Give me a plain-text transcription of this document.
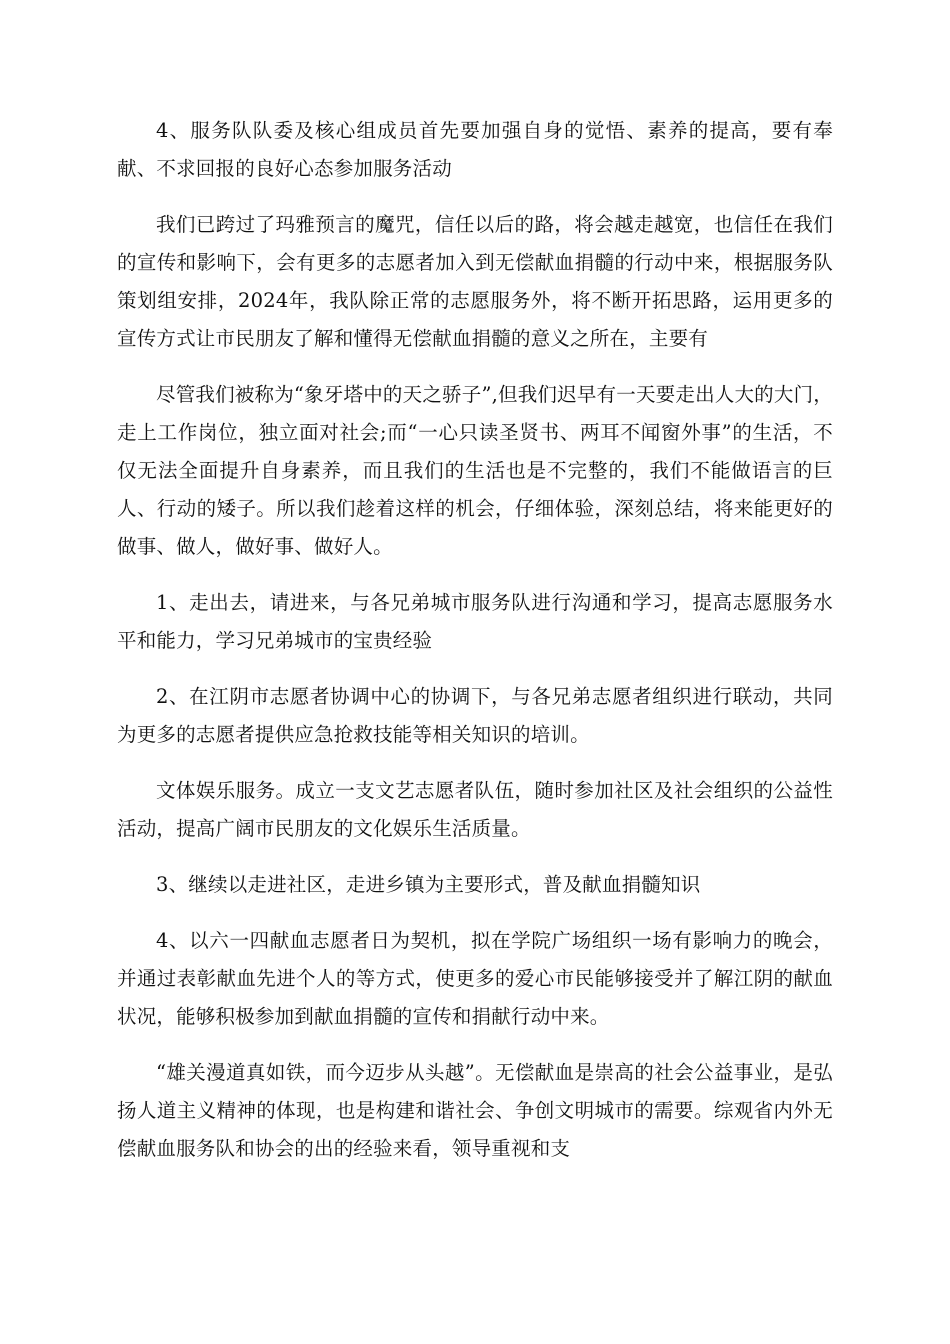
4、服务队队委及核心组成员首先要加强自身的觉悟、素养的提高，要有奉献、不求回报的良好心态参加服务活动

我们已跨过了玛雅预言的魔咒，信任以后的路，将会越走越宽，也信任在我们的宣传和影响下，会有更多的志愿者加入到无偿献血捐髓的行动中来，根据服务队策划组安排，2024年，我队除正常的志愿服务外，将不断开拓思路，运用更多的宣传方式让市民朋友了解和懂得无偿献血捐髓的意义之所在，主要有

尽管我们被称为“象牙塔中的天之骄子”,但我们迟早有一天要走出人大的大门，走上工作岗位，独立面对社会;而“一心只读圣贤书、两耳不闻窗外事”的生活，不仅无法全面提升自身素养，而且我们的生活也是不完整的，我们不能做语言的巨人、行动的矮子。所以我们趁着这样的机会，仔细体验，深刻总结，将来能更好的做事、做人，做好事、做好人。

1、走出去，请进来，与各兄弟城市服务队进行沟通和学习，提高志愿服务水平和能力，学习兄弟城市的宝贵经验

2、在江阴市志愿者协调中心的协调下，与各兄弟志愿者组织进行联动，共同为更多的志愿者提供应急抢救技能等相关知识的培训。

文体娱乐服务。成立一支文艺志愿者队伍，随时参加社区及社会组织的公益性活动，提高广阔市民朋友的文化娱乐生活质量。

3、继续以走进社区，走进乡镇为主要形式，普及献血捐髓知识

4、以六一四献血志愿者日为契机，拟在学院广场组织一场有影响力的晚会，并通过表彰献血先进个人的等方式，使更多的爱心市民能够接受并了解江阴的献血状况，能够积极参加到献血捐髓的宣传和捐献行动中来。

“雄关漫道真如铁，而今迈步从头越”。无偿献血是崇高的社会公益事业，是弘扬人道主义精神的体现，也是构建和谐社会、争创文明城市的需要。综观省内外无偿献血服务队和协会的出的经验来看，领导重视和支
